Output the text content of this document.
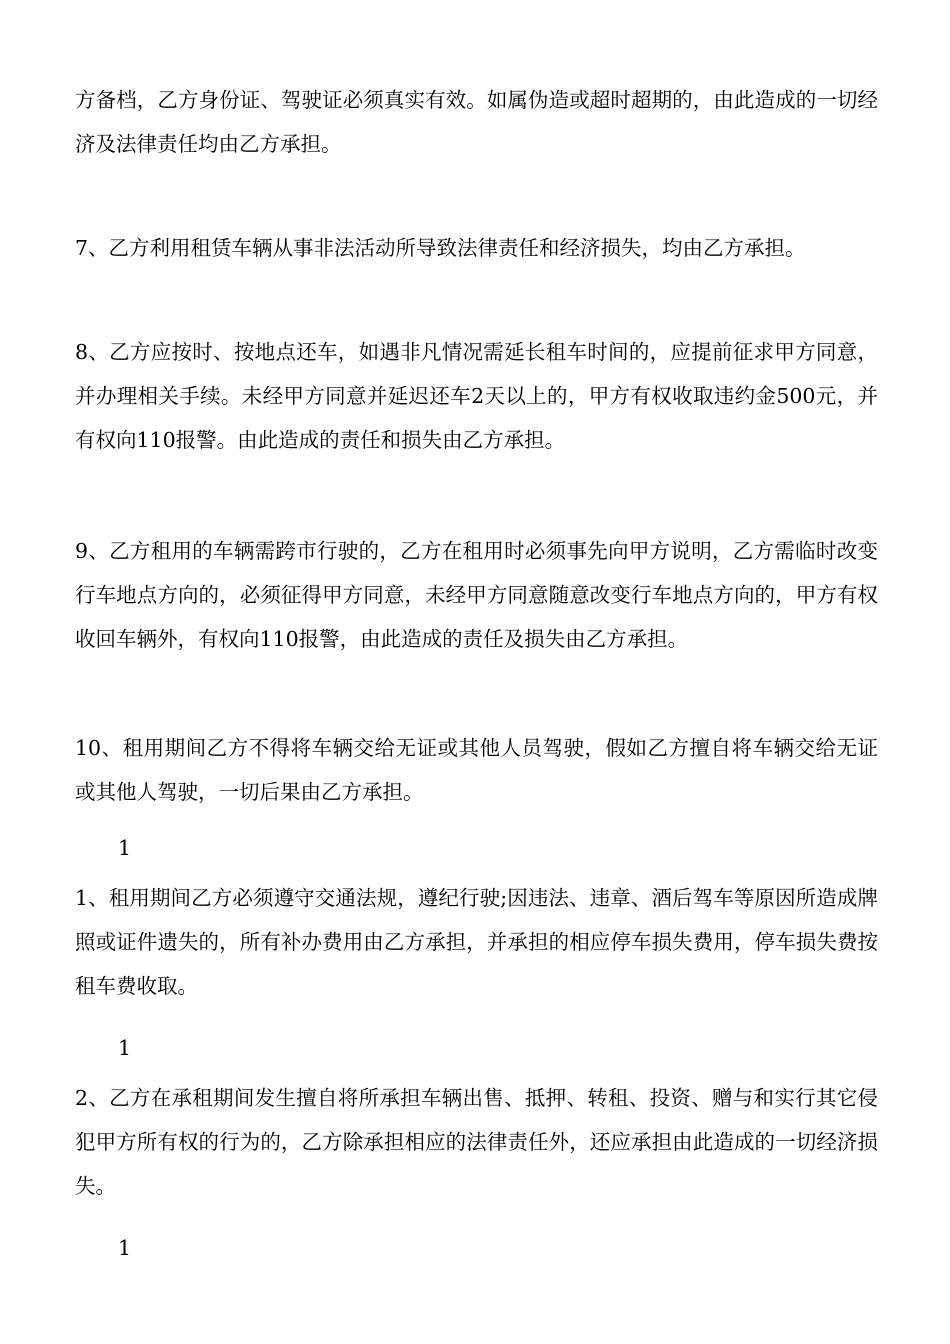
方备档，乙方身份证、驾驶证必须真实有效。如属伪造或超时超期的，由此造成的一切经济及法律责任均由乙方承担。

7、乙方利用租赁车辆从事非法活动所导致法律责任和经济损失，均由乙方承担。

8、乙方应按时、按地点还车，如遇非凡情况需延长租车时间的，应提前征求甲方同意，并办理相关手续。未经甲方同意并延迟还车2天以上的，甲方有权收取违约金500元，并有权向110报警。由此造成的责任和损失由乙方承担。

9、乙方租用的车辆需跨市行驶的，乙方在租用时必须事先向甲方说明，乙方需临时改变行车地点方向的，必须征得甲方同意，未经甲方同意随意改变行车地点方向的，甲方有权收回车辆外，有权向110报警，由此造成的责任及损失由乙方承担。

10、租用期间乙方不得将车辆交给无证或其他人员驾驶，假如乙方擅自将车辆交给无证或其他人驾驶，一切后果由乙方承担。

1

1、租用期间乙方必须遵守交通法规，遵纪行驶;因违法、违章、酒后驾车等原因所造成牌照或证件遗失的，所有补办费用由乙方承担，并承担的相应停车损失费用，停车损失费按租车费收取。

1

2、乙方在承租期间发生擅自将所承担车辆出售、抵押、转租、投资、赠与和实行其它侵犯甲方所有权的行为的，乙方除承担相应的法律责任外，还应承担由此造成的一切经济损失。

1
